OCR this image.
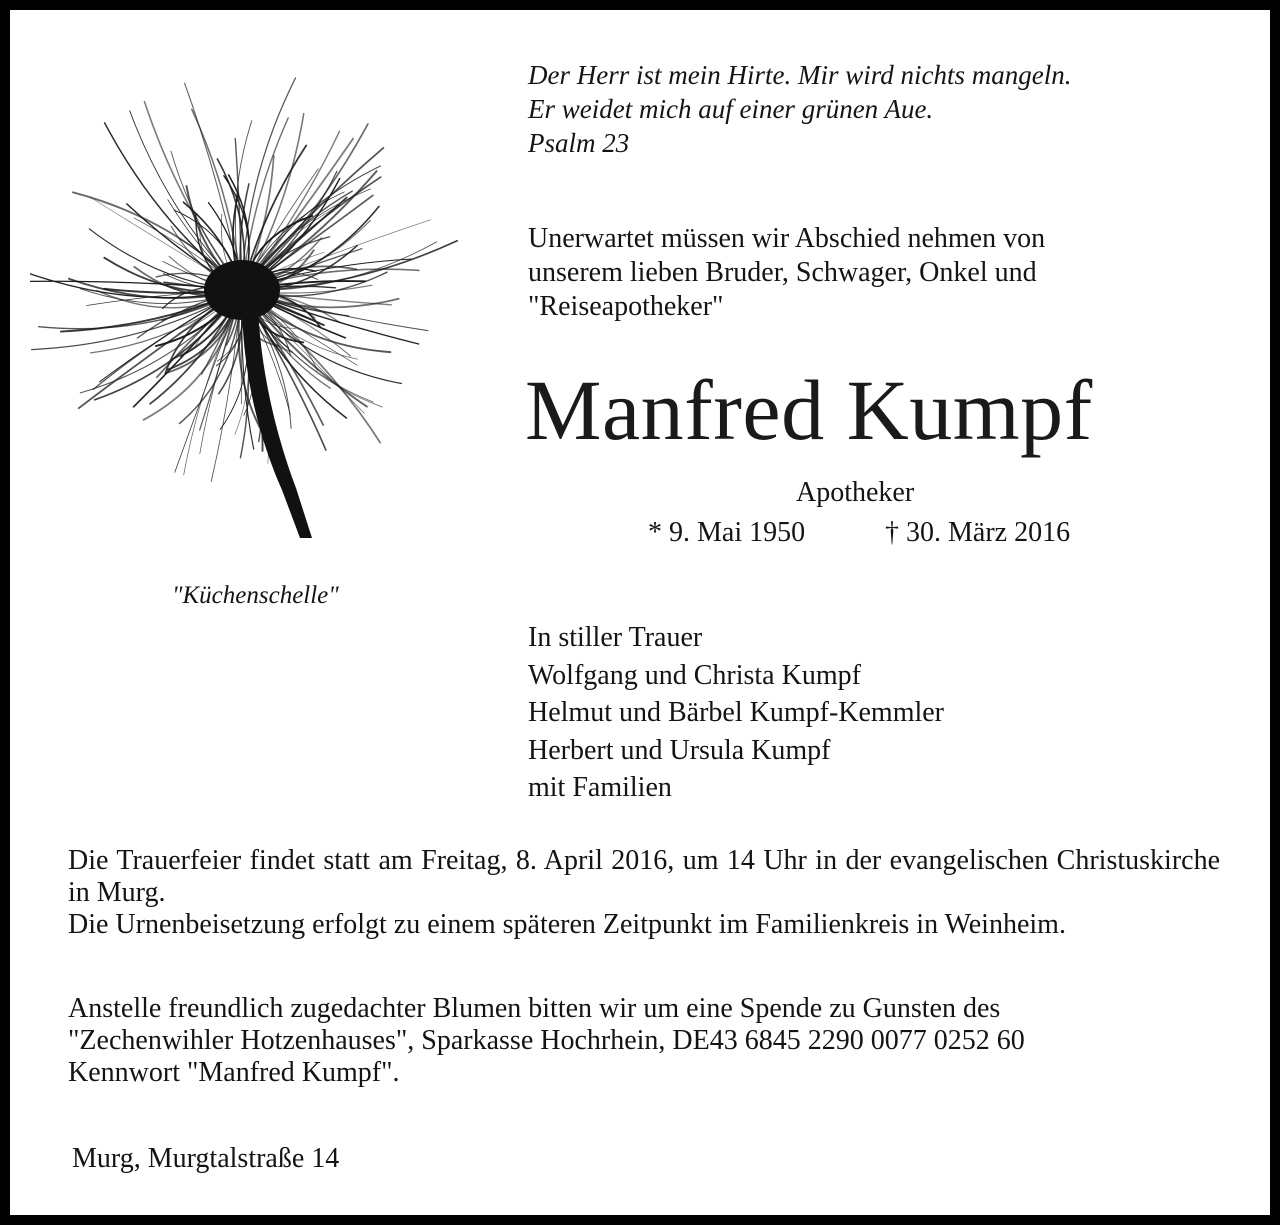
Der Herr ist mein Hirte. Mir wird nichts mangeln.
Er weidet mich auf einer grünen Aue.
Psalm 23
Unerwartet müssen wir Abschied nehmen von
unserem lieben Bruder, Schwager, Onkel und
"Reiseapotheker"
Manfred Kumpf
Apotheker
* 9. Mai 1950	† 30. März 2016
"Küchenschelle"
In stiller Trauer
Wolfgang und Christa Kumpf
Helmut und Bärbel Kumpf-Kemmler
Herbert und Ursula Kumpf
mit Familien
Die Trauerfeier findet statt am Freitag, 8. April 2016, um 14 Uhr in der evangelischen Christuskirche in Murg.
Die Urnenbeisetzung erfolgt zu einem späteren Zeitpunkt im Familienkreis in Weinheim.
Anstelle freundlich zugedachter Blumen bitten wir um eine Spende zu Gunsten des
"Zechenwihler Hotzenhauses", Sparkasse Hochrhein, DE43 6845 2290 0077 0252 60
Kennwort "Manfred Kumpf".
Murg, Murgtalstraße 14
